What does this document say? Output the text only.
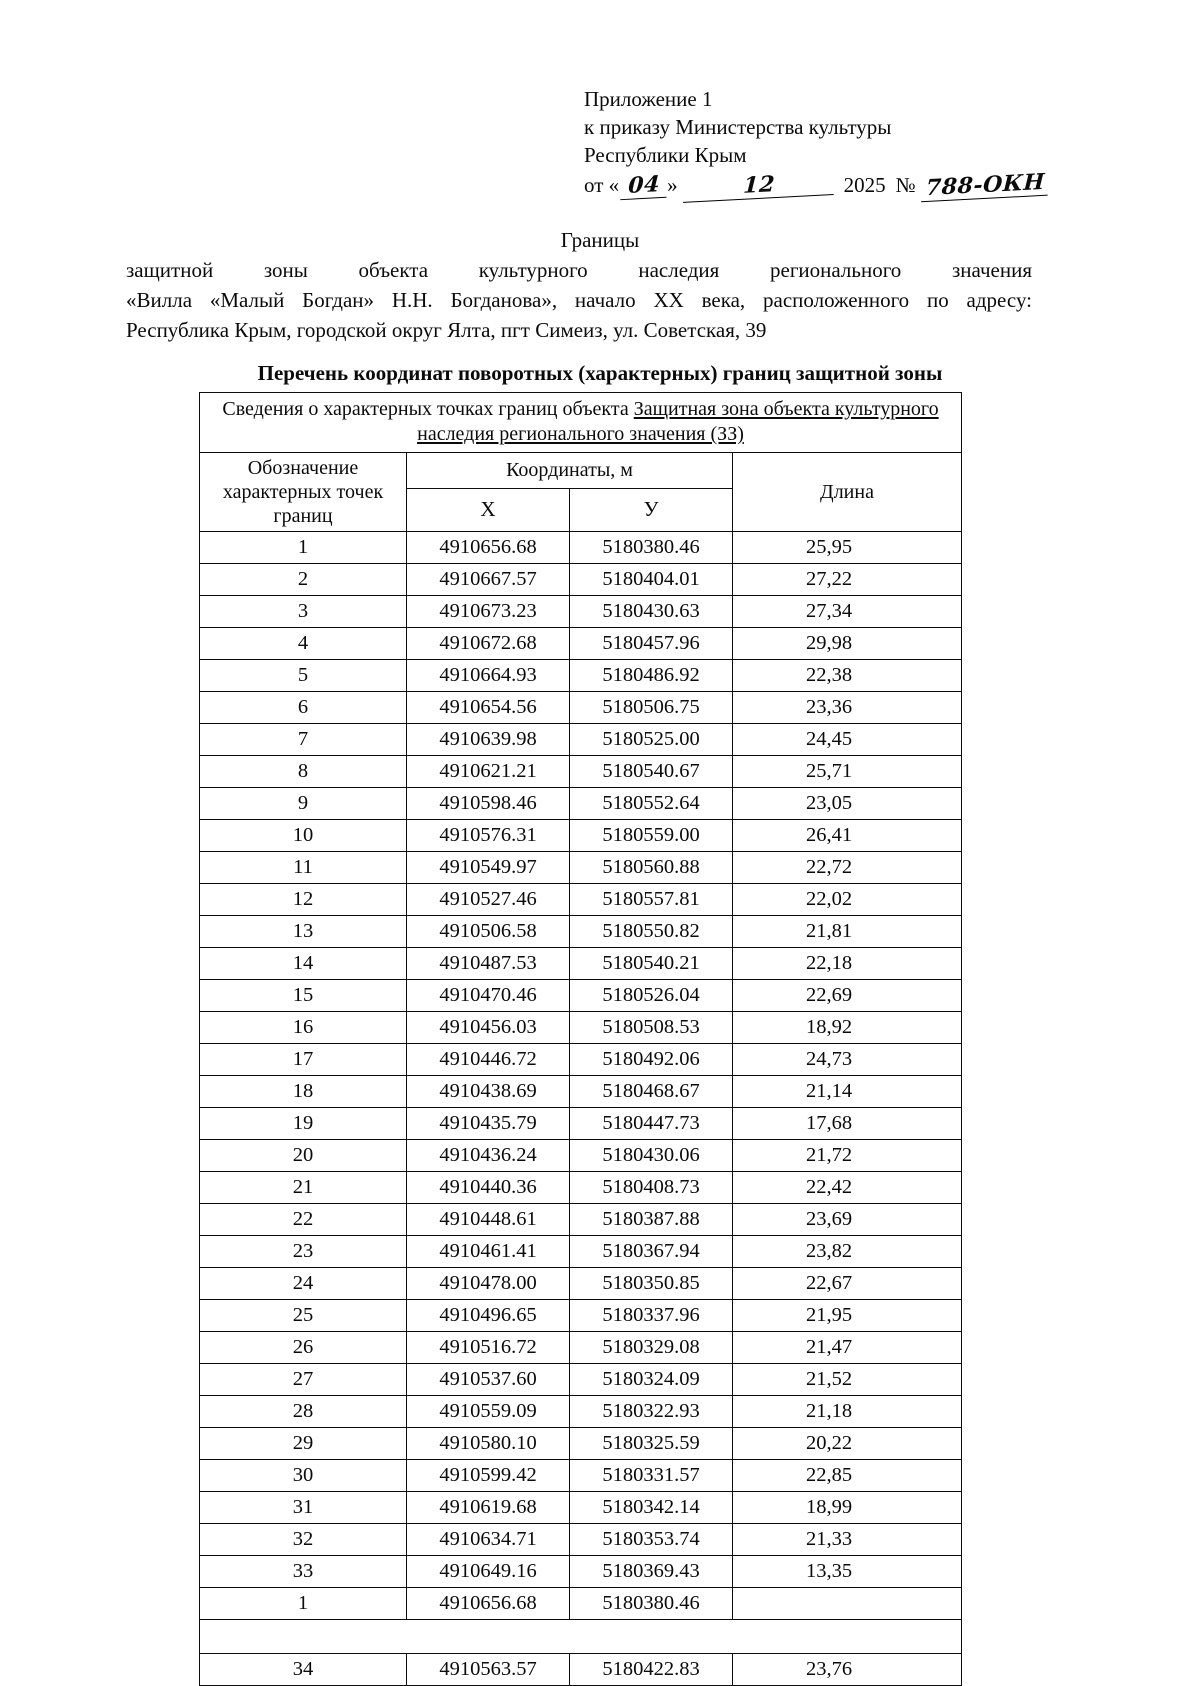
Приложение 1
к приказу Министерства культуры
Республики Крым
от « 04 »	12	2025 № 788-ОКН
Границы

защитной зоны объекта культурного наследия регионального значения

«Вилла «Малый Богдан» Н.Н. Богданова», начало XX века, расположенного по адресу:

Республика Крым, городской округ Ялта, пгт Симеиз, ул. Советская, 39

Перечень координат поворотных (характерных) границ защитной зоны
Сведения о характерных точках границ объекта Защитная зона объекта культурного наследия регионального значения (ЗЗ)			
Обозначение характерных точек границ	Координаты, м		Длина
	X	У	
1	4910656.68	5180380.46	25,95
2	4910667.57	5180404.01	27,22
3	4910673.23	5180430.63	27,34
4	4910672.68	5180457.96	29,98
5	4910664.93	5180486.92	22,38
6	4910654.56	5180506.75	23,36
7	4910639.98	5180525.00	24,45
8	4910621.21	5180540.67	25,71
9	4910598.46	5180552.64	23,05
10	4910576.31	5180559.00	26,41
11	4910549.97	5180560.88	22,72
12	4910527.46	5180557.81	22,02
13	4910506.58	5180550.82	21,81
14	4910487.53	5180540.21	22,18
15	4910470.46	5180526.04	22,69
16	4910456.03	5180508.53	18,92
17	4910446.72	5180492.06	24,73
18	4910438.69	5180468.67	21,14
19	4910435.79	5180447.73	17,68
20	4910436.24	5180430.06	21,72
21	4910440.36	5180408.73	22,42
22	4910448.61	5180387.88	23,69
23	4910461.41	5180367.94	23,82
24	4910478.00	5180350.85	22,67
25	4910496.65	5180337.96	21,95
26	4910516.72	5180329.08	21,47
27	4910537.60	5180324.09	21,52
28	4910559.09	5180322.93	21,18
29	4910580.10	5180325.59	20,22
30	4910599.42	5180331.57	22,85
31	4910619.68	5180342.14	18,99
32	4910634.71	5180353.74	21,33
33	4910649.16	5180369.43	13,35
1	4910656.68	5180380.46	

34	4910563.57	5180422.83	23,76
